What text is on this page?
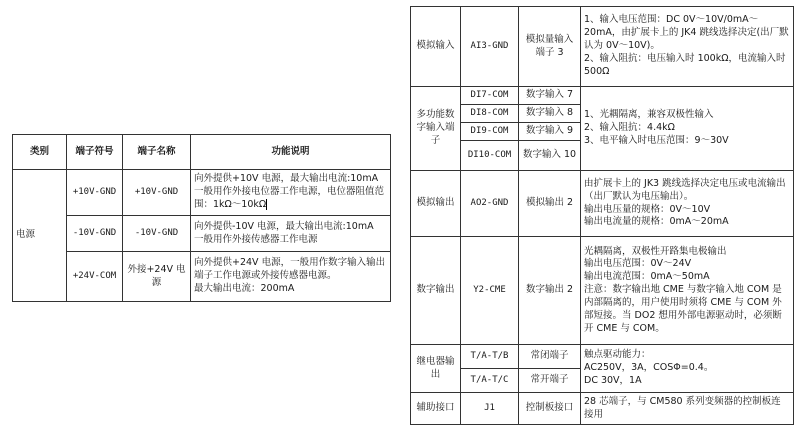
类别	端子符号	端子名称	功能说明
电源	+10V-GND	+10V-GND	向外提供+10V 电源，最大输出电流:10mA
一般用作外接电位器工作电源，电位器阻值范围：1kΩ～10kΩ

	-10V-GND	-10V-GND	向外提供-10V 电源，最大输出电流:10mA
一般用作外接传感器工作电源

	+24V-COM	外接+24V 电源	向外提供+24V 电源，一般用作数字输入输出端子工作电源或外接传感器电源。
最大输出电流：200mA
模拟输入	AI3-GND	模拟量输入端子 3	1、输入电压范围：DC 0V～10V/0mA～20mA，由扩展卡上的 JK4 跳线选择决定(出厂默认为 0V～10V)。
2、输入阻抗：电压输入时 100kΩ，电流输入时 500Ω

多功能数字输入端子	DI7-COM	数字输入 7	1、光耦隔离，兼容双极性输入
2、输入阻抗：4.4kΩ
3、电平输入时电压范围：9～30V

	DI8-COM	数字输入 8	
	DI9-COM	数字输入 9	
	DI10-COM	数字输入 10	
模拟输出	AO2-GND	模拟输出 2	由扩展卡上的 JK3 跳线选择决定电压或电流输出（出厂默认为电压输出）。
输出电压量的规格：0V～10V
输出电流量的规格：0mA～20mA

数字输出	Y2-CME	数字输出 2	光耦隔离，双极性开路集电极输出
输出电压范围：0V～24V
输出电流范围：0mA～50mA
注意：数字输出地 CME 与数字输入地 COM 是内部隔离的，用户使用时须将 CME 与 COM 外部短接。当 DO2 想用外部电源驱动时，必须断开 CME 与 COM。

继电器输出	T/A-T/B	常闭端子	触点驱动能力：
AC250V，3A，COSΦ=0.4。
DC 30V，1A

	T/A-T/C	常开端子	
辅助接口	J1	控制板接口	28 芯端子，与 CM580 系列变频器的控制板连接用
